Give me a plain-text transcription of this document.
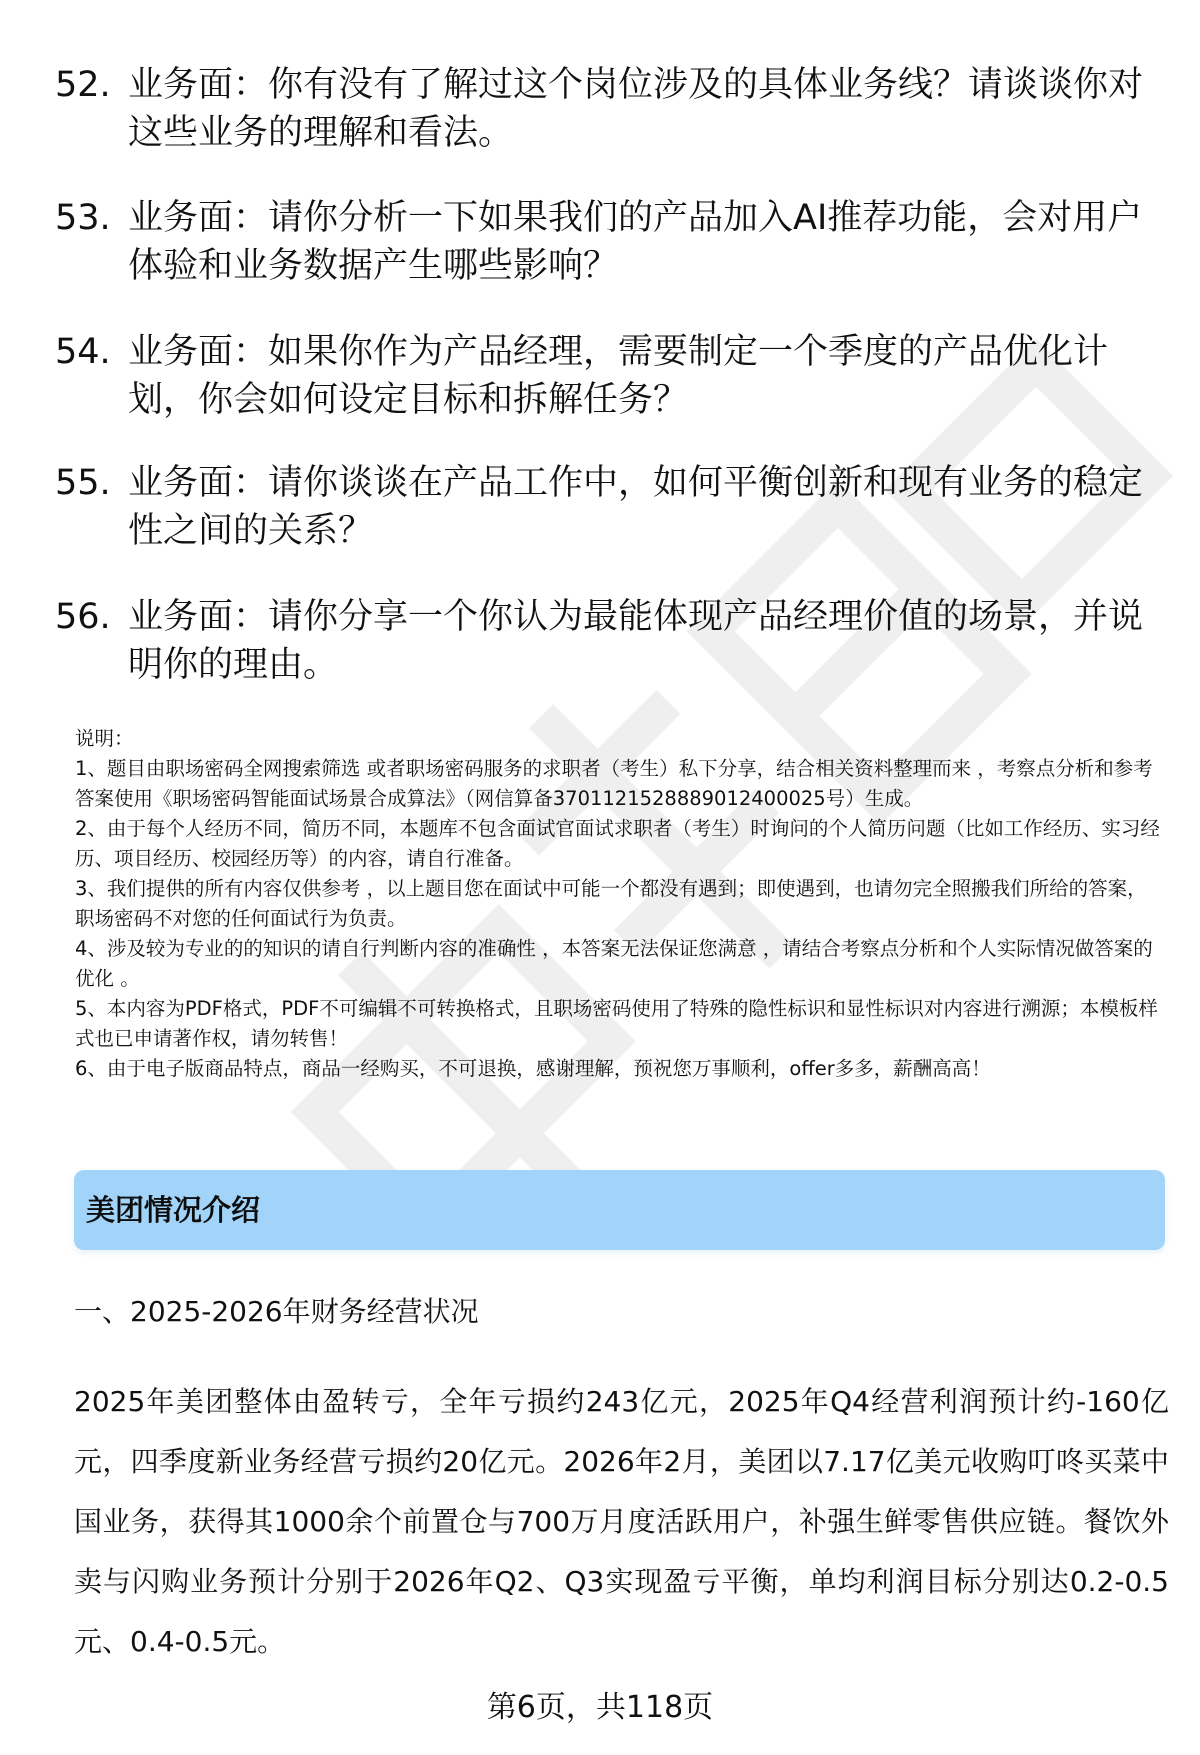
52. 业务面：你有没有了解过这个岗位涉及的具体业务线？请谈谈你对这些业务的理解和看法。
53. 业务面：请你分析一下如果我们的产品加入AI推荐功能，会对用户体验和业务数据产生哪些影响？
54. 业务面：如果你作为产品经理，需要制定一个季度的产品优化计划，你会如何设定目标和拆解任务？
55. 业务面：请你谈谈在产品工作中，如何平衡创新和现有业务的稳定性之间的关系？
56. 业务面：请你分享一个你认为最能体现产品经理价值的场景，并说明你的理由。
说明：
1、题目由职场密码全网搜索筛选 或者职场密码服务的求职者（考生）私下分享，结合相关资料整理而来 ，考察点分析和参考答案使用《职场密码智能面试场景合成算法》（网信算备3701121528889012400025号）生成。
2、由于每个人经历不同，简历不同，本题库不包含面试官面试求职者（考生）时询问的个人简历问题（比如工作经历、实习经历、项目经历、校园经历等）的内容，请自行准备。
3、我们提供的所有内容仅供参考 ，以上题目您在面试中可能一个都没有遇到；即使遇到，也请勿完全照搬我们所给的答案，职场密码不对您的任何面试行为负责。
4、涉及较为专业的的知识的请自行判断内容的准确性 ，本答案无法保证您满意 ，请结合考察点分析和个人实际情况做答案的优化 。
5、本内容为PDF格式，PDF不可编辑不可转换格式，且职场密码使用了特殊的隐性标识和显性标识对内容进行溯源；本模板样式也已申请著作权，请勿转售！
6、由于电子版商品特点，商品一经购买，不可退换，感谢理解，预祝您万事顺利，offer多多，薪酬高高！
美团情况介绍
一、2025-2026年财务经营状况
2025年美团整体由盈转亏，全年亏损约243亿元，2025年Q4经营利润预计约-160亿元，四季度新业务经营亏损约20亿元。2026年2月，美团以7.17亿美元收购叮咚买菜中国业务，获得其1000余个前置仓与700万月度活跃用户，补强生鲜零售供应链。餐饮外卖与闪购业务预计分别于2026年Q2、Q3实现盈亏平衡，单均利润目标分别达0.2-0.5元、0.4-0.5元。
第6页，共118页
